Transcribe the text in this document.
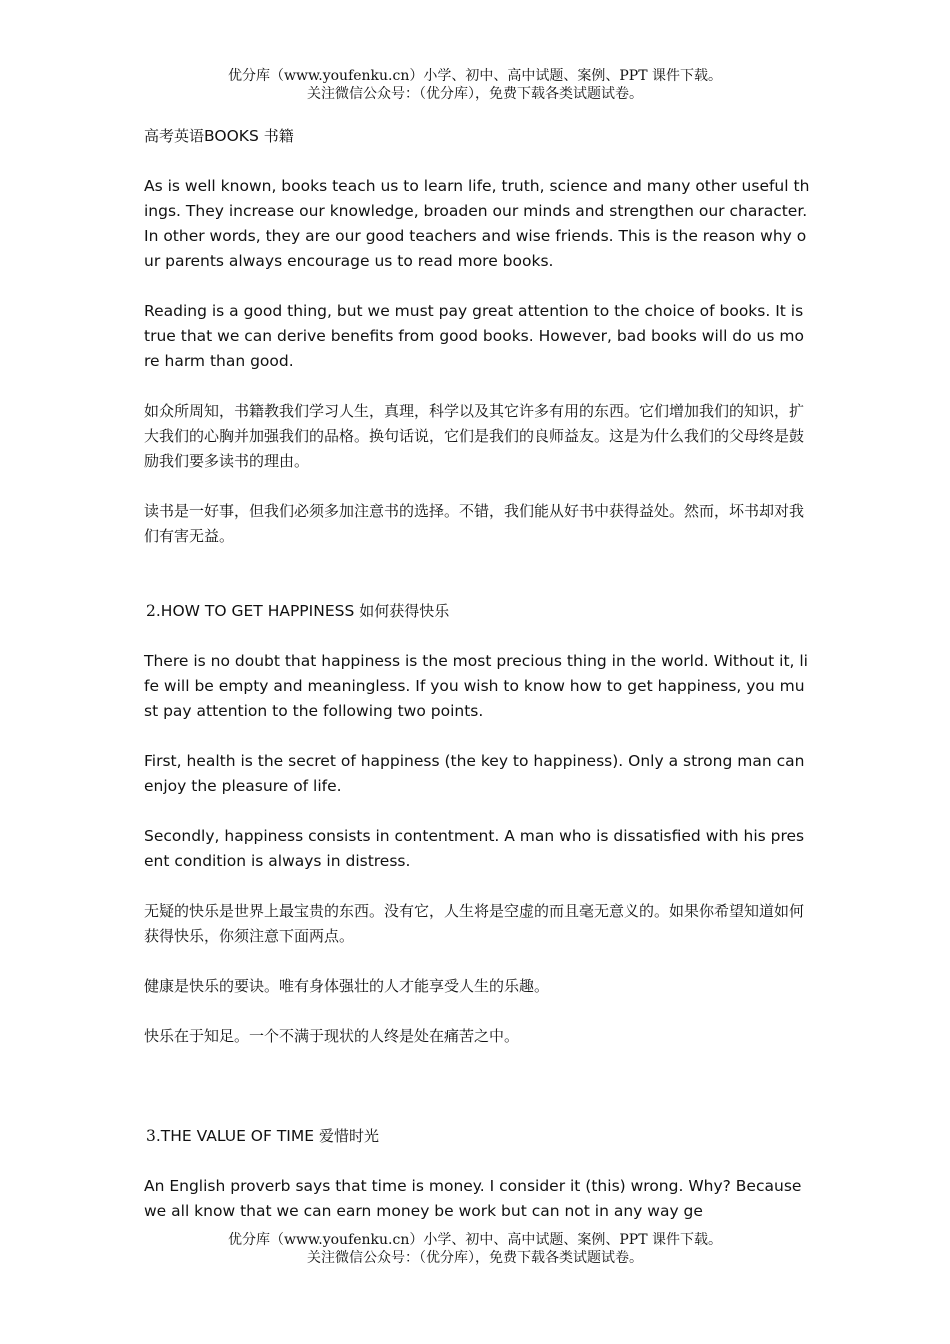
优分库（www.youfenku.cn）小学、初中、高中试题、案例、PPT 课件下载。
关注微信公众号：（优分库），免费下载各类试题试卷。

高考英语BOOKS 书籍

As is well known, books teach us to learn life, truth, science and many other useful things. They increase our knowledge, broaden our minds and strengthen our character. In other words, they are our good teachers and wise friends. This is the reason why our parents always encourage us to read more books.

Reading is a good thing, but we must pay great attention to the choice of books. It is true that we can derive benefits from good books. However, bad books will do us more harm than good.

如众所周知，书籍教我们学习人生，真理，科学以及其它许多有用的东西。它们增加我们的知识，扩大我们的心胸并加强我们的品格。换句话说，它们是我们的良师益友。这是为什么我们的父母终是鼓励我们要多读书的理由。

读书是一好事，但我们必须多加注意书的选择。不错，我们能从好书中获得益处。然而，坏书却对我们有害无益。

2.HOW TO GET HAPPINESS 如何获得快乐

There is no doubt that happiness is the most precious thing in the world. Without it, life will be empty and meaningless. If you wish to know how to get happiness, you must pay attention to the following two points.

First, health is the secret of happiness (the key to happiness). Only a strong man can enjoy the pleasure of life.

Secondly, happiness consists in contentment. A man who is dissatisfied with his present condition is always in distress.

无疑的快乐是世界上最宝贵的东西。没有它，人生将是空虚的而且毫无意义的。如果你希望知道如何获得快乐，你须注意下面两点。

健康是快乐的要诀。唯有身体强壮的人才能享受人生的乐趣。

快乐在于知足。一个不满于现状的人终是处在痛苦之中。

3.THE VALUE OF TIME 爱惜时光

An English proverb says that time is money. I consider it (this) wrong. Why? Because we all know that we can earn money be work but can not in any way ge

优分库（www.youfenku.cn）小学、初中、高中试题、案例、PPT 课件下载。
关注微信公众号：（优分库），免费下载各类试题试卷。
